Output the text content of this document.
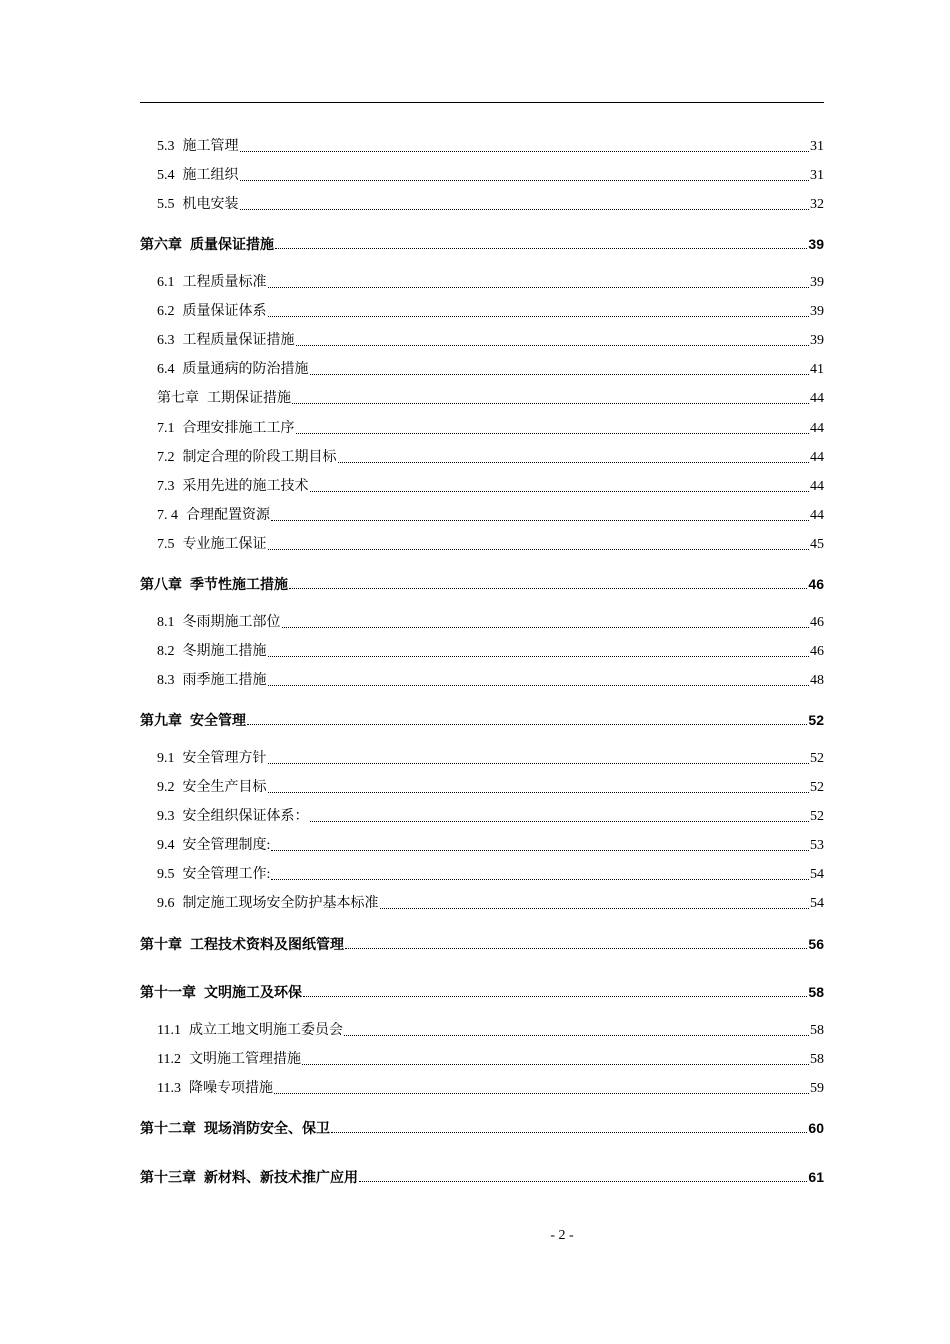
5.3 施工管理	31
5.4 施工组织	31
5.5 机电安装	32
第六章 质量保证措施	39
6.1 工程质量标准	39
6.2 质量保证体系	39
6.3 工程质量保证措施	39
6.4 质量通病的防治措施	41
第七章 工期保证措施	44
7.1 合理安排施工工序	44
7.2 制定合理的阶段工期目标	44
7.3 采用先进的施工技术	44
7. 4 合理配置资源	44
7.5 专业施工保证	45
第八章 季节性施工措施	46
8.1 冬雨期施工部位	46
8.2 冬期施工措施	46
8.3 雨季施工措施	48
第九章 安全管理	52
9.1 安全管理方针	52
9.2 安全生产目标	52
9.3 安全组织保证体系：	52
9.4 安全管理制度:	53
9.5 安全管理工作:	54
9.6 制定施工现场安全防护基本标准	54
第十章 工程技术资料及图纸管理	56
第十一章 文明施工及环保	58
11.1 成立工地文明施工委员会	58
11.2 文明施工管理措施	58
11.3 降噪专项措施	59
第十二章 现场消防安全、保卫	60
第十三章 新材料、新技术推广应用	61
- 2 -
